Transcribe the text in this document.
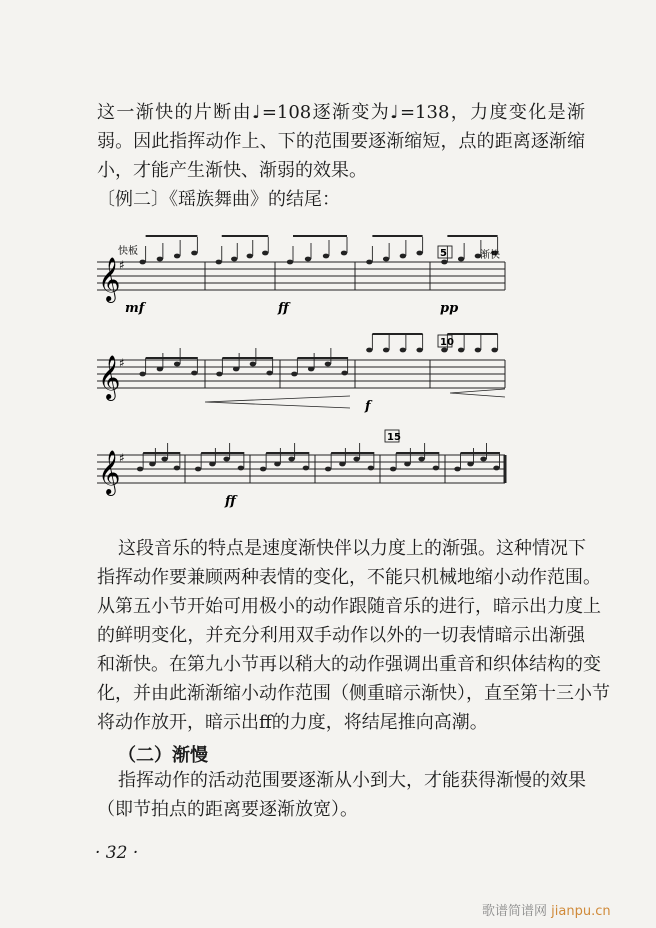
这一渐快的片断由♩=108逐渐变为♩=138，力度变化是渐
弱。因此指挥动作上、下的范围要逐渐缩短，点的距离逐渐缩
小，才能产生渐快、渐弱的效果。
〔例二〕《瑶族舞曲》的结尾：
𝄞
♯
𝄞
♯
𝄞
♯
快板	渐快
mf	ff	pp
f
ff
5
10
15
这段音乐的特点是速度渐快伴以力度上的渐强。这种情况下
指挥动作要兼顾两种表情的变化，不能只机械地缩小动作范围。
从第五小节开始可用极小的动作跟随音乐的进行，暗示出力度上
的鲜明变化，并充分利用双手动作以外的一切表情暗示出渐强
和渐快。在第九小节再以稍大的动作强调出重音和织体结构的变
化，并由此渐渐缩小动作范围（侧重暗示渐快），直至第十三小节
将动作放开，暗示出ff的力度，将结尾推向高潮。
（二）渐慢
指挥动作的活动范围要逐渐从小到大，才能获得渐慢的效果
（即节拍点的距离要逐渐放宽）。
· 32 ·
歌谱简谱网 jianpu.cn
